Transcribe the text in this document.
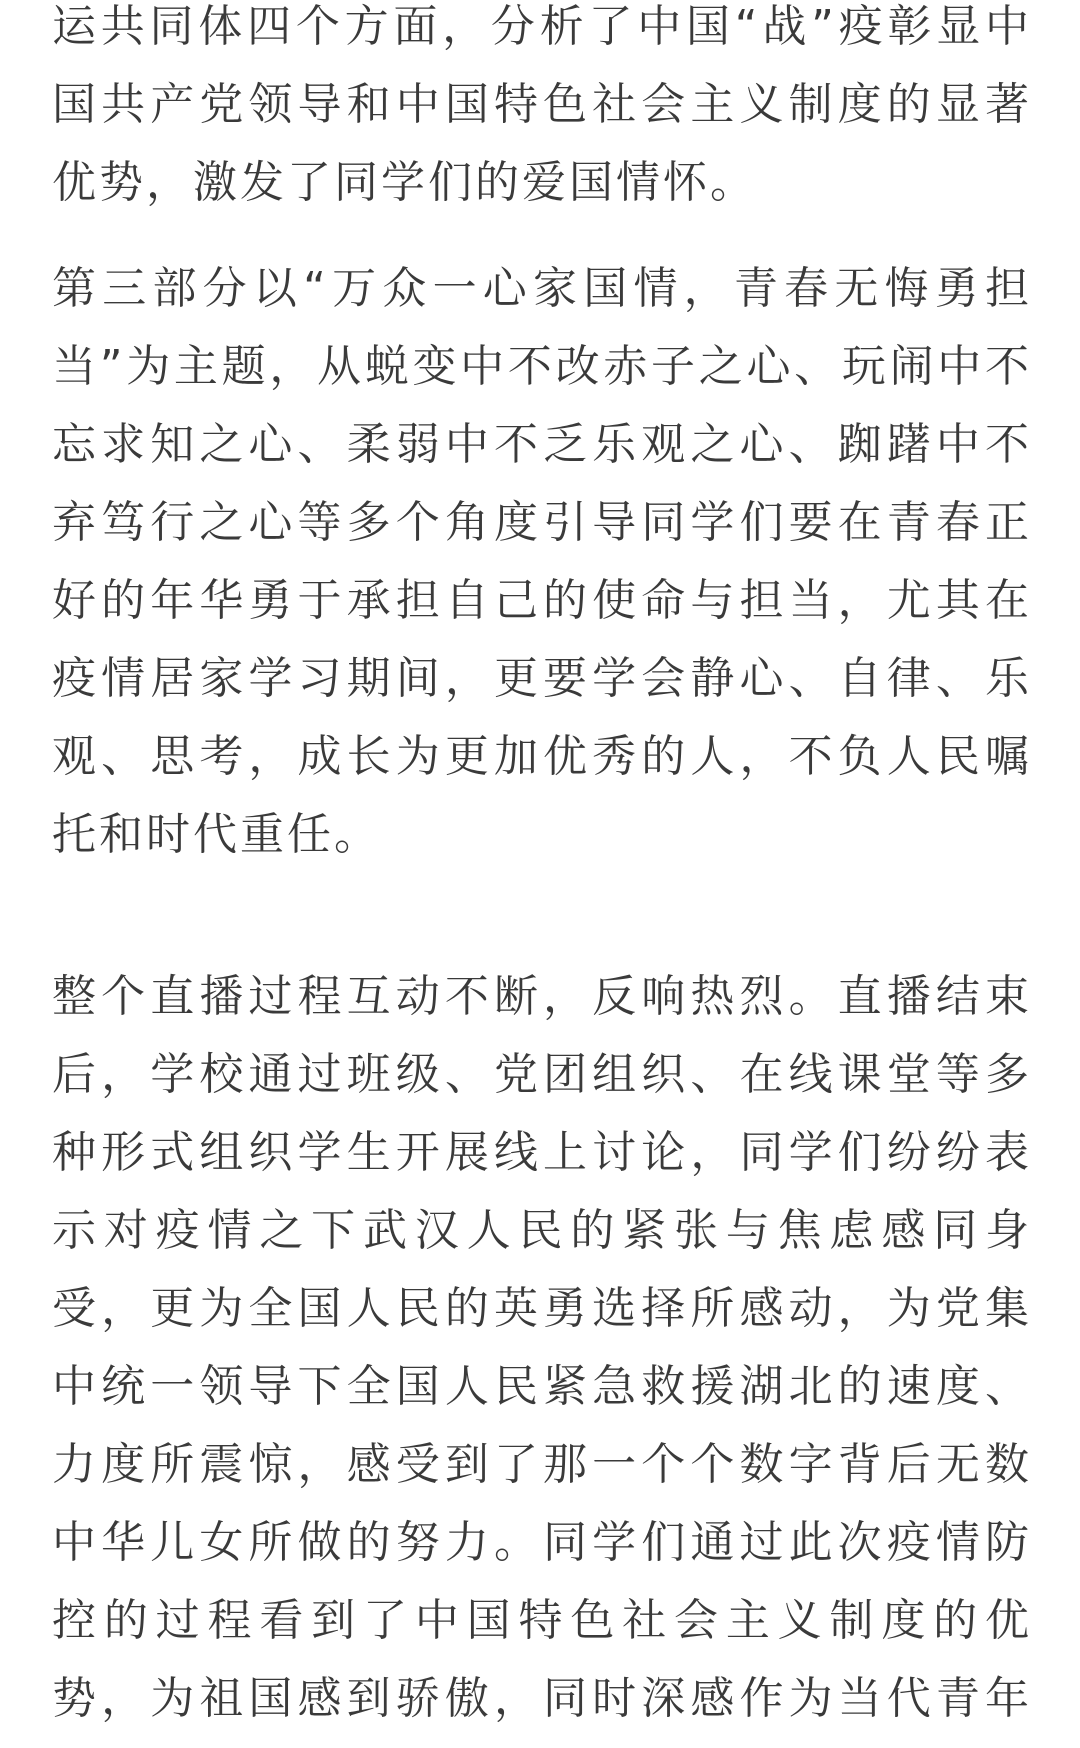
运共同体四个方面，分析了中国“战”疫彰显中
国共产党领导和中国特色社会主义制度的显著
优势，激发了同学们的爱国情怀。
第三部分以“万众一心家国情，青春无悔勇担
当”为主题，从蜕变中不改赤子之心、玩闹中不
忘求知之心、柔弱中不乏乐观之心、踟躇中不
弃笃行之心等多个角度引导同学们要在青春正
好的年华勇于承担自己的使命与担当，尤其在
疫情居家学习期间，更要学会静心、自律、乐
观、思考，成长为更加优秀的人，不负人民嘱
托和时代重任。
整个直播过程互动不断，反响热烈。直播结束
后，学校通过班级、党团组织、在线课堂等多
种形式组织学生开展线上讨论，同学们纷纷表
示对疫情之下武汉人民的紧张与焦虑感同身
受，更为全国人民的英勇选择所感动，为党集
中统一领导下全国人民紧急救援湖北的速度、
力度所震惊，感受到了那一个个数字背后无数
中华儿女所做的努力。同学们通过此次疫情防
控的过程看到了中国特色社会主义制度的优
势，为祖国感到骄傲，同时深感作为当代青年
